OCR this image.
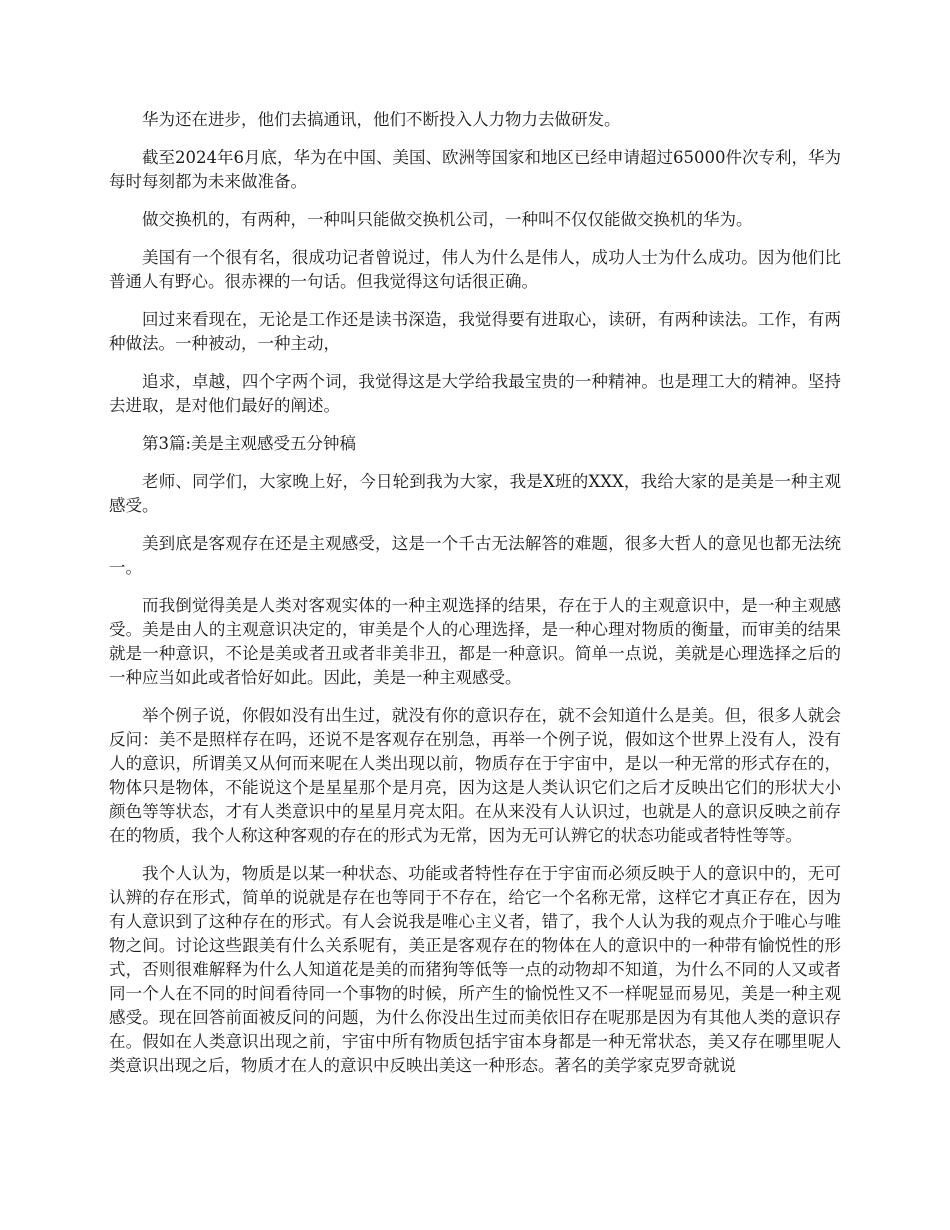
华为还在进步，他们去搞通讯，他们不断投入人力物力去做研发。

截至2024年6月底，华为在中国、美国、欧洲等国家和地区已经申请超过65000件次专利，华为每时每刻都为未来做准备。

做交换机的，有两种，一种叫只能做交换机公司，一种叫不仅仅能做交换机的华为。

美国有一个很有名，很成功记者曾说过，伟人为什么是伟人，成功人士为什么成功。因为他们比普通人有野心。很赤裸的一句话。但我觉得这句话很正确。

回过来看现在，无论是工作还是读书深造，我觉得要有进取心，读研，有两种读法。工作，有两种做法。一种被动，一种主动，

追求，卓越，四个字两个词，我觉得这是大学给我最宝贵的一种精神。也是理工大的精神。坚持去进取，是对他们最好的阐述。

第3篇:美是主观感受五分钟稿

老师、同学们，大家晚上好，今日轮到我为大家，我是X班的XXX，我给大家的是美是一种主观感受。

美到底是客观存在还是主观感受，这是一个千古无法解答的难题，很多大哲人的意见也都无法统一。

而我倒觉得美是人类对客观实体的一种主观选择的结果，存在于人的主观意识中，是一种主观感受。美是由人的主观意识决定的，审美是个人的心理选择，是一种心理对物质的衡量，而审美的结果就是一种意识，不论是美或者丑或者非美非丑，都是一种意识。简单一点说，美就是心理选择之后的一种应当如此或者恰好如此。因此，美是一种主观感受。

举个例子说，你假如没有出生过，就没有你的意识存在，就不会知道什么是美。但，很多人就会反问：美不是照样存在吗，还说不是客观存在别急，再举一个例子说，假如这个世界上没有人，没有人的意识，所谓美又从何而来呢在人类出现以前，物质存在于宇宙中，是以一种无常的形式存在的，物体只是物体，不能说这个是星星那个是月亮，因为这是人类认识它们之后才反映出它们的形状大小颜色等等状态，才有人类意识中的星星月亮太阳。在从来没有人认识过，也就是人的意识反映之前存在的物质，我个人称这种客观的存在的形式为无常，因为无可认辨它的状态功能或者特性等等。

我个人认为，物质是以某一种状态、功能或者特性存在于宇宙而必须反映于人的意识中的，无可认辨的存在形式，简单的说就是存在也等同于不存在，给它一个名称无常，这样它才真正存在，因为有人意识到了这种存在的形式。有人会说我是唯心主义者，错了，我个人认为我的观点介于唯心与唯物之间。讨论这些跟美有什么关系呢有，美正是客观存在的物体在人的意识中的一种带有愉悦性的形式，否则很难解释为什么人知道花是美的而猪狗等低等一点的动物却不知道，为什么不同的人又或者同一个人在不同的时间看待同一个事物的时候，所产生的愉悦性又不一样呢显而易见，美是一种主观感受。现在回答前面被反问的问题，为什么你没出生过而美依旧存在呢那是因为有其他人类的意识存在。假如在人类意识出现之前，宇宙中所有物质包括宇宙本身都是一种无常状态，美又存在哪里呢人类意识出现之后，物质才在人的意识中反映出美这一种形态。著名的美学家克罗奇就说
